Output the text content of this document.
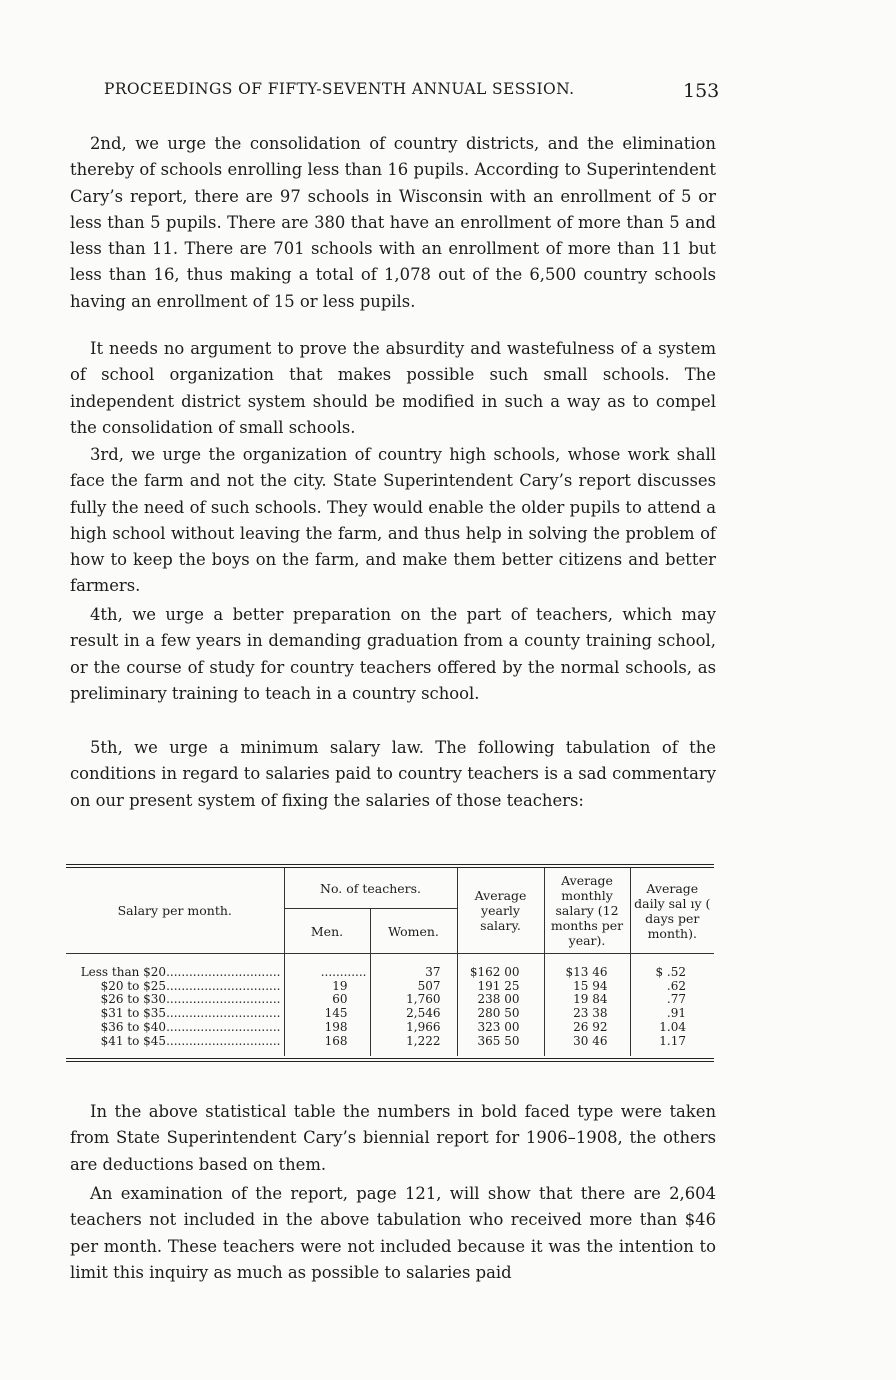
PROCEEDINGS OF FIFTY-SEVENTH ANNUAL SESSION.	153

2nd, we urge the consolidation of country districts, and the elimination thereby of schools enrolling less than 16 pupils. According to Superintendent Cary’s report, there are 97 schools in Wisconsin with an enrollment of 5 or less than 5 pupils. There are 380 that have an enrollment of more than 5 and less than 11. There are 701 schools with an enrollment of more than 11 but less than 16, thus making a total of 1,078 out of the 6,500 country schools having an enrollment of 15 or less pupils.

It needs no argument to prove the absurdity and wastefulness of a system of school organization that makes possible such small schools. The independent district system should be modified in such a way as to compel the consolidation of small schools.

3rd, we urge the organization of country high schools, whose work shall face the farm and not the city. State Superintendent Cary’s report discusses fully the need of such schools. They would enable the older pupils to attend a high school without leaving the farm, and thus help in solving the problem of how to keep the boys on the farm, and make them better citizens and better farmers.

4th, we urge a better preparation on the part of teachers, which may result in a few years in demanding graduation from a county training school, or the course of study for country teachers offered by the normal schools, as preliminary training to teach in a country school.

5th, we urge a minimum salary law. The following tabulation of the conditions in regard to salaries paid to country teachers is a sad commentary on our present system of fixing the salaries of those teachers:

Salary per month.	No. of teachers.		Average yearly salary.	Average monthly salary (12 months per year).	Average daily sal ıy ( days per month).
	Men.	Women.			
Less than $20..............................	............	37	$162 00	$13 46	$ .52
$20 to $25..............................	19	507	191 25	15 94	.62
$26 to $30..............................	60	1,760	238 00	19 84	.77
$31 to $35..............................	145	2,546	280 50	23 38	.91
$36 to $40..............................	198	1,966	323 00	26 92	1.04
$41 to $45..............................	168	1,222	365 50	30 46	1.17

In the above statistical table the numbers in bold faced type were taken from State Superintendent Cary’s biennial report for 1906–1908, the others are deductions based on them.

An examination of the report, page 121, will show that there are 2,604 teachers not included in the above tabulation who received more than $46 per month. These teachers were not included because it was the intention to limit this inquiry as much as possible to salaries paid
